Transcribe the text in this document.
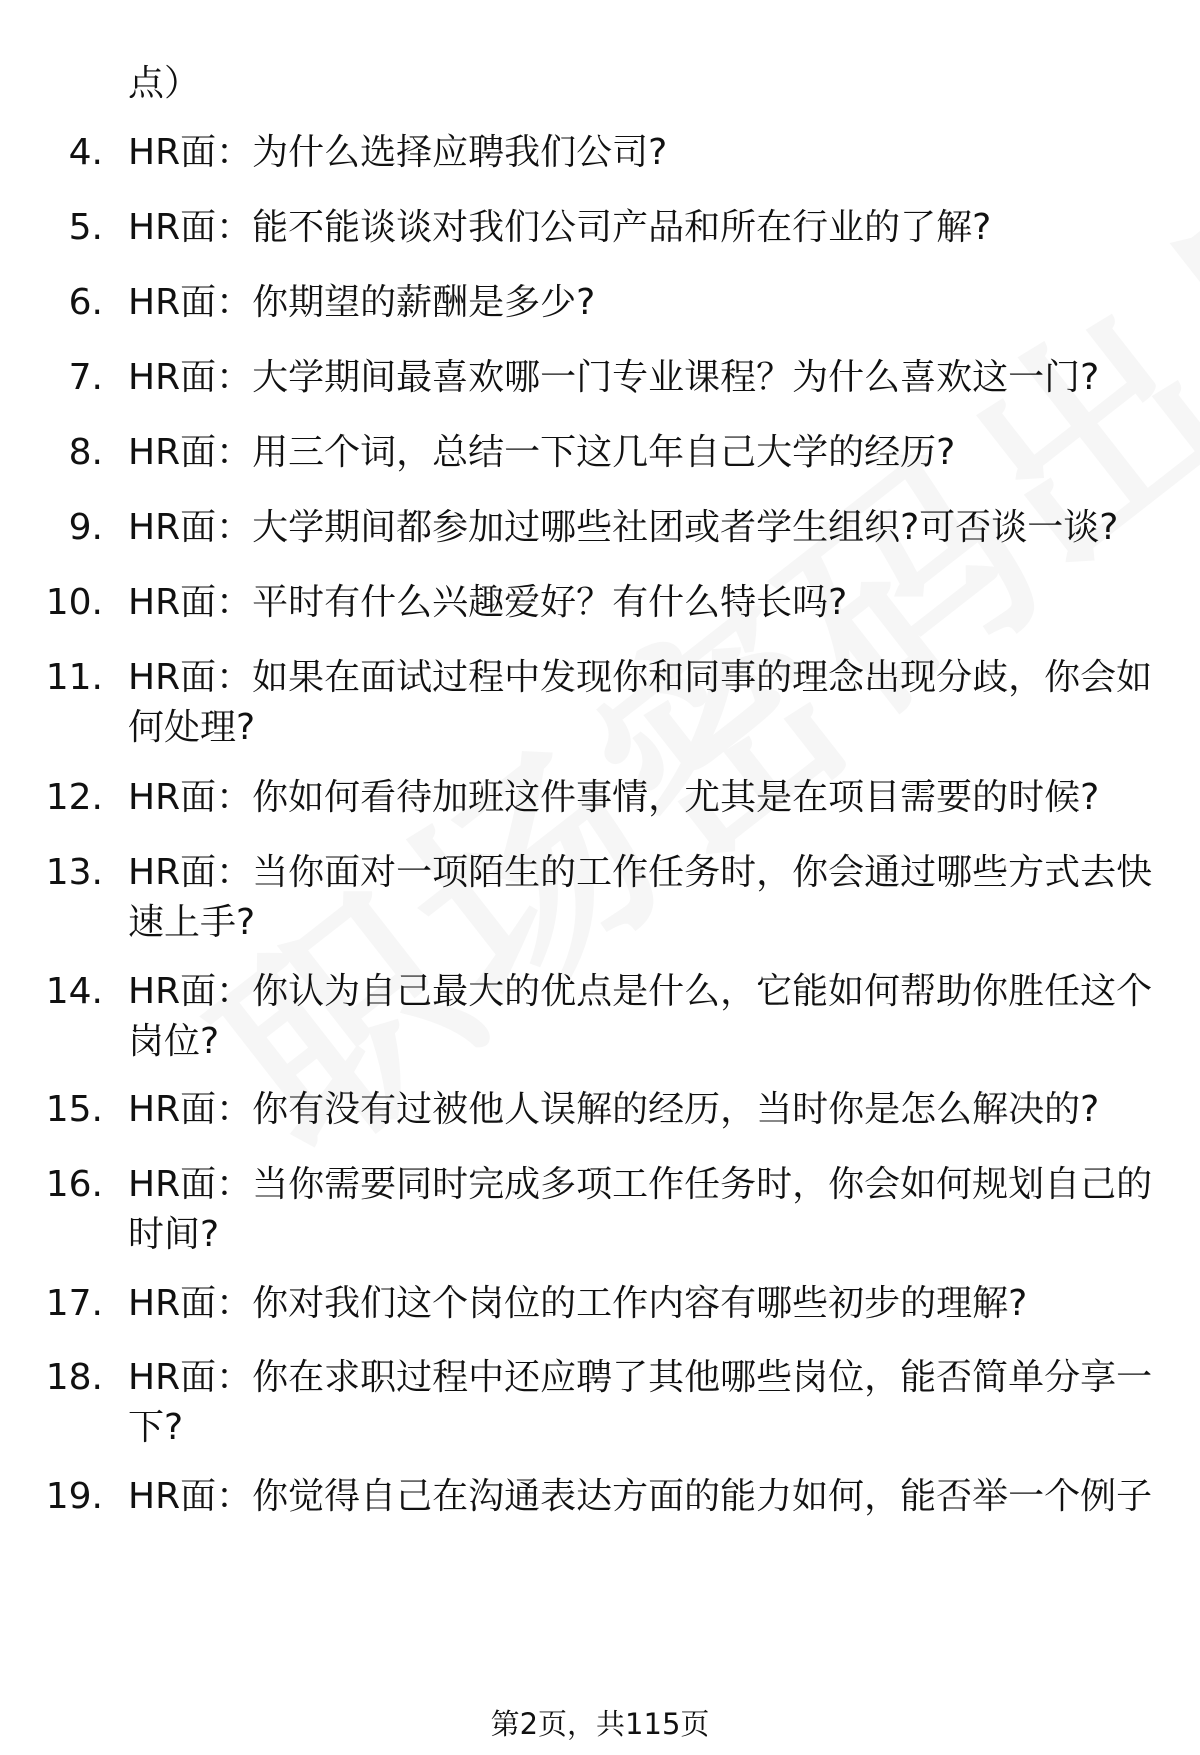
点）

4. HR面：为什么选择应聘我们公司?
5. HR面：能不能谈谈对我们公司产品和所在行业的了解?
6. HR面：你期望的薪酬是多少?
7. HR面：大学期间最喜欢哪一门专业课程？为什么喜欢这一门?
8. HR面：用三个词，总结一下这几年自己大学的经历?
9. HR面：大学期间都参加过哪些社团或者学生组织?可否谈一谈?
10. HR面：平时有什么兴趣爱好？有什么特长吗?
11. HR面：如果在面试过程中发现你和同事的理念出现分歧，你会如何处理?
12. HR面：你如何看待加班这件事情，尤其是在项目需要的时候?
13. HR面：当你面对一项陌生的工作任务时，你会通过哪些方式去快速上手?
14. HR面：你认为自己最大的优点是什么，它能如何帮助你胜任这个岗位?
15. HR面：你有没有过被他人误解的经历，当时你是怎么解决的?
16. HR面：当你需要同时完成多项工作任务时，你会如何规划自己的时间?
17. HR面：你对我们这个岗位的工作内容有哪些初步的理解?
18. HR面：你在求职过程中还应聘了其他哪些岗位，能否简单分享一下?
19. HR面：你觉得自己在沟通表达方面的能力如何，能否举一个例子
第2页，共115页
